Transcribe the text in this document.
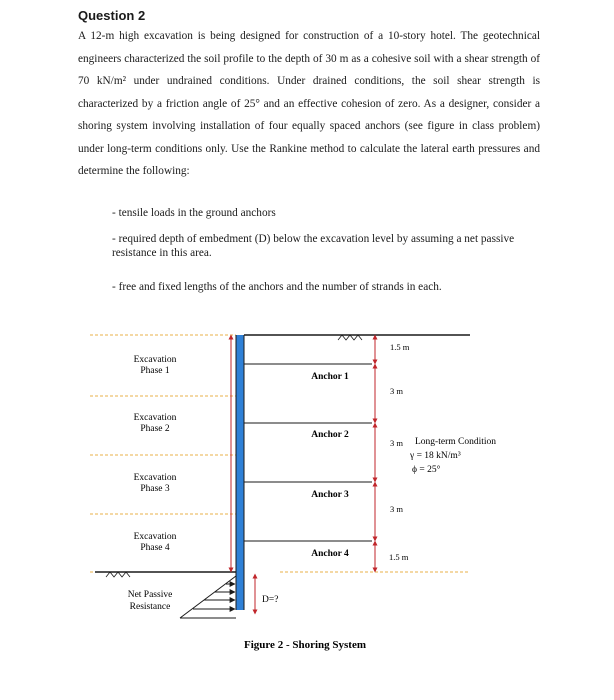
Question 2

A 12-m high excavation is being designed for construction of a 10-story hotel. The geotechnical engineers characterized the soil profile to the depth of 30 m as a cohesive soil with a shear strength of 70 kN/m² under undrained conditions. Under drained conditions, the soil shear strength is characterized by a friction angle of 25° and an effective cohesion of zero. As a designer, consider a shoring system involving installation of four equally spaced anchors (see figure in class problem) under long-term conditions only. Use the Rankine method to calculate the lateral earth pressures and determine the following:

- tensile loads in the ground anchors

- required depth of embedment (D) below the excavation level by assuming a net passive resistance in this area.

- free and fixed lengths of the anchors and the number of strands in each.

Excavation
Phase 1
Excavation
Phase 2
Excavation
Phase 3
Excavation
Phase 4
Anchor 1
Anchor 2
Anchor 3
Anchor 4
1.5 m
3 m
3 m
3 m
1.5 m
Long-term Condition
γ = 18 kN/m³
ϕ = 25°
Net Passive
Resistance
D=?
Figure 2 - Shoring System
